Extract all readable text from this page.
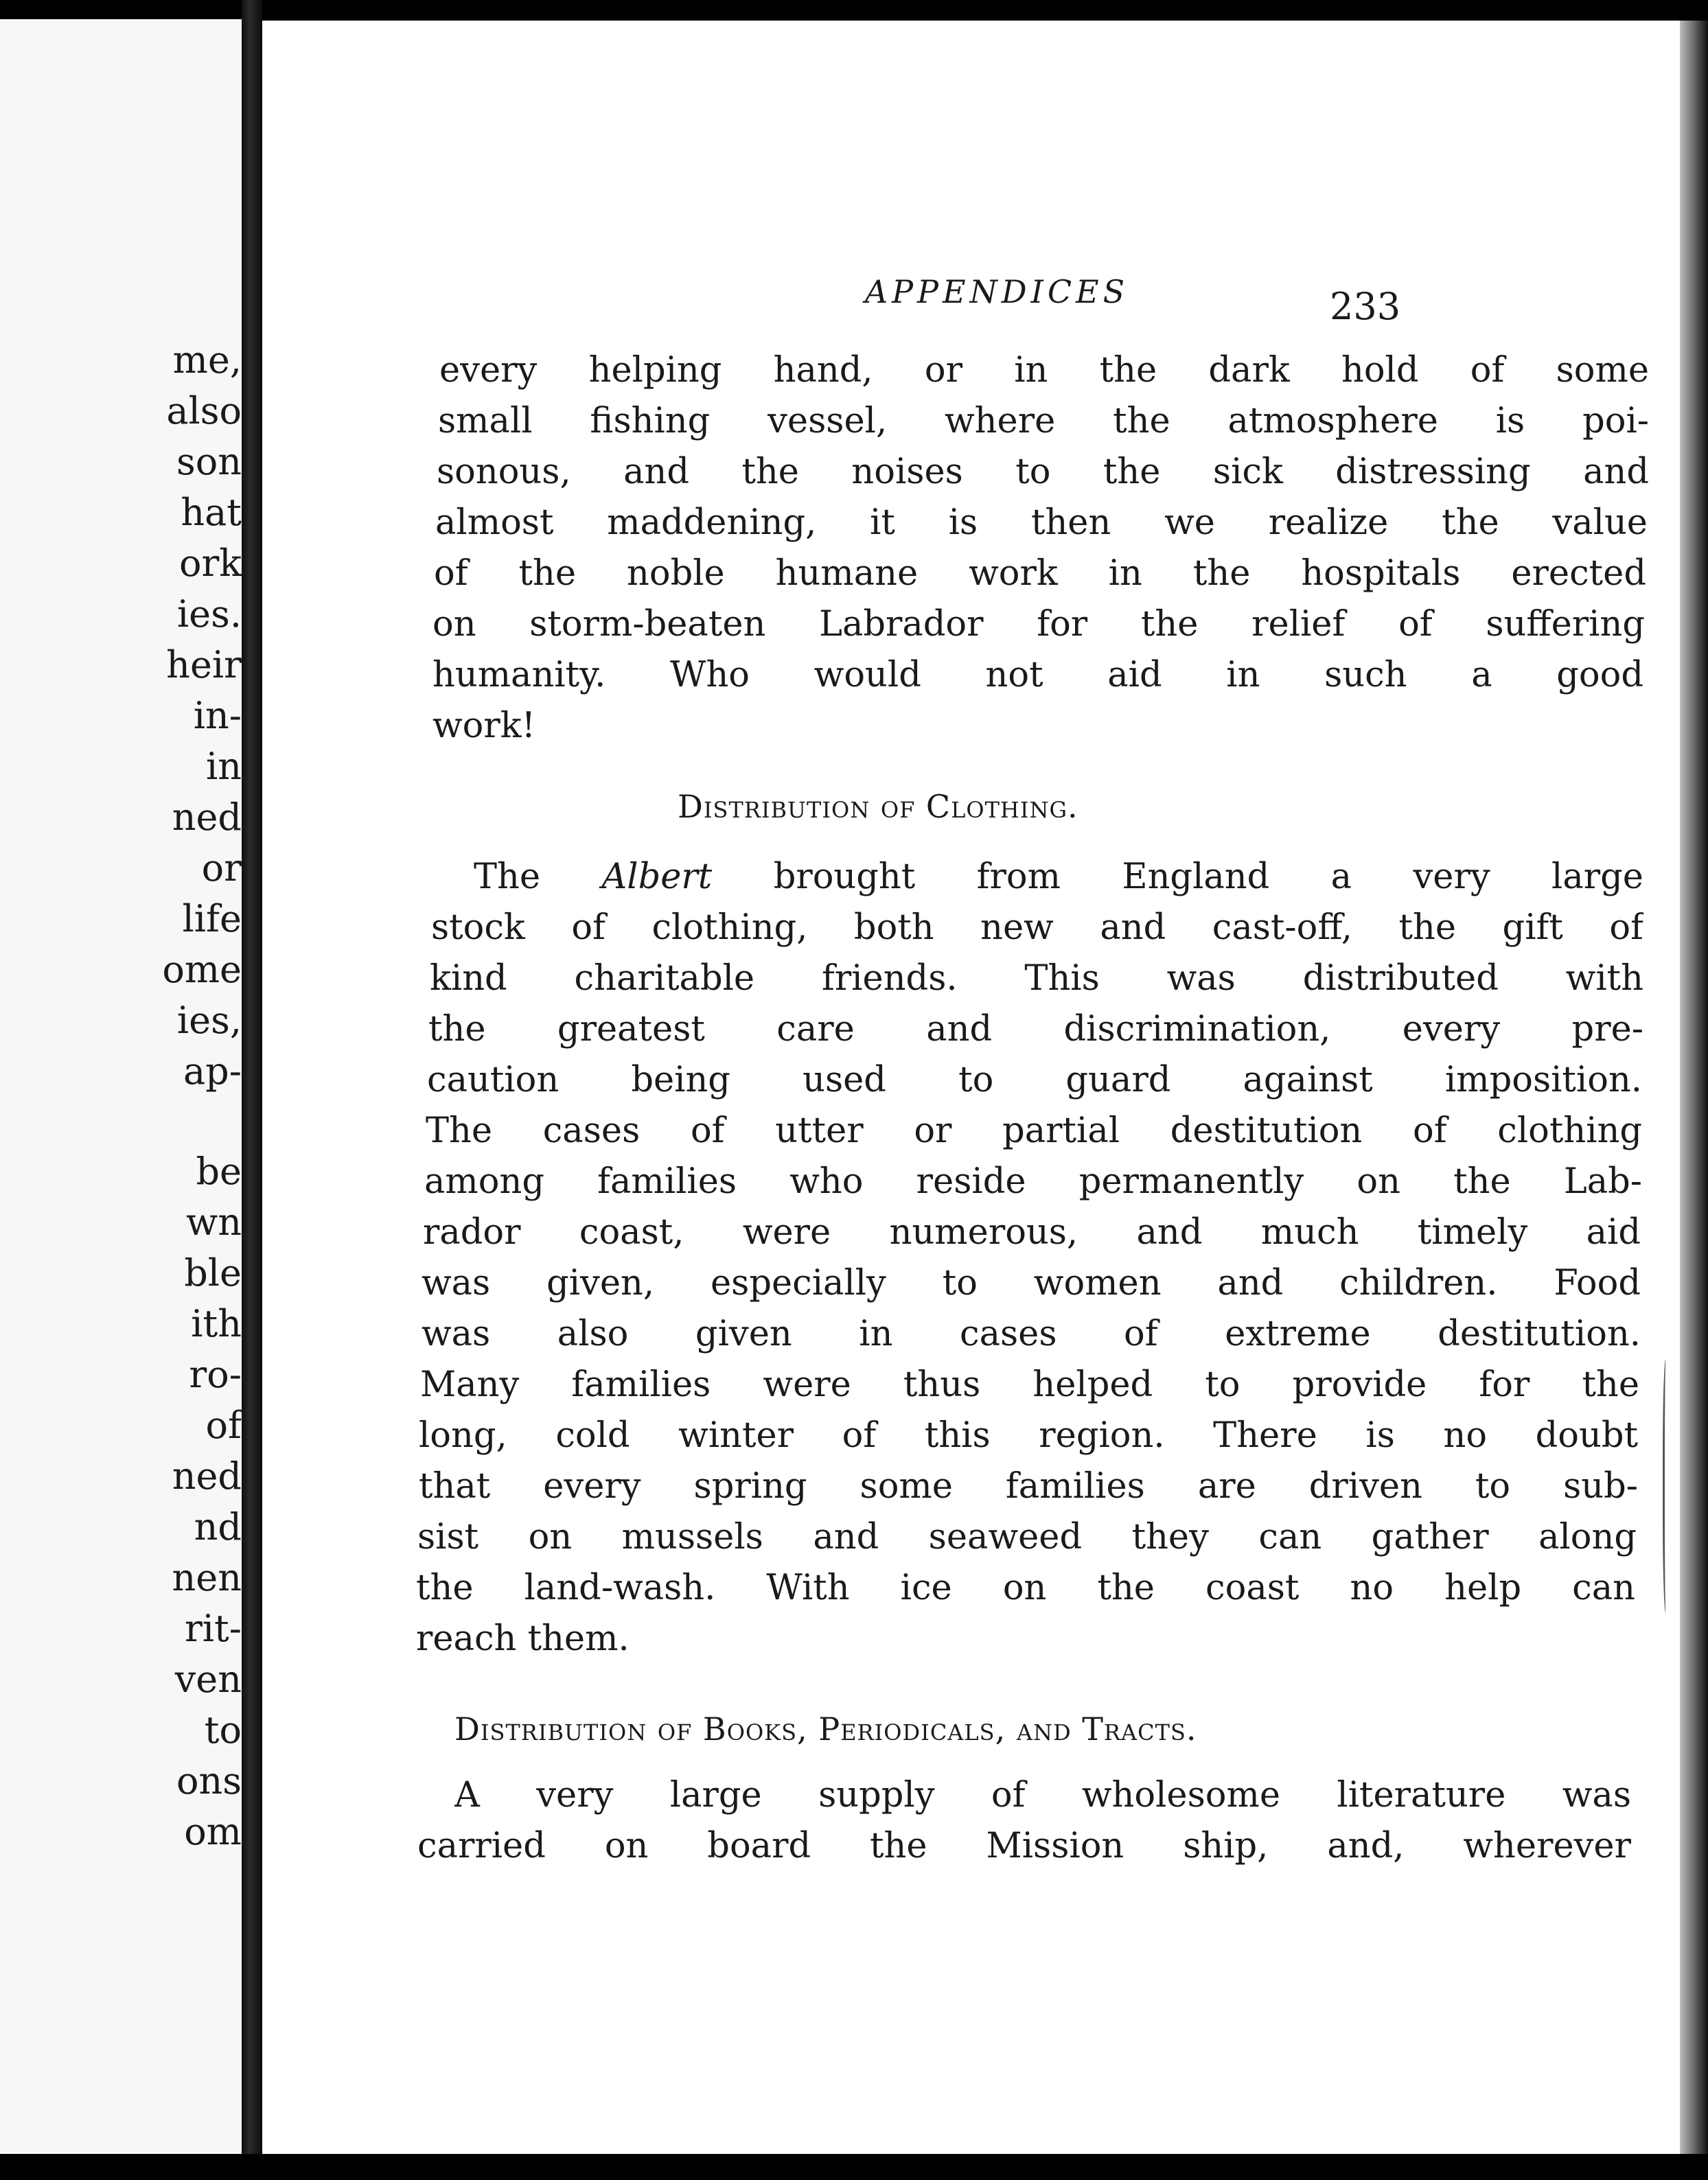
me,
also
son
hat
ork
ies.
heir
in-
in
ned
or
life
ome
ies,
ap-
be
wn
ble
ith
ro-
of
ned
nd
nen
rit-
ven
to
ons
om
APPENDICES	233
every helping hand, or in the dark hold of some
small fishing vessel, where the atmosphere is poi-
sonous, and the noises to the sick distressing and
almost maddening, it is then we realize the value
of the noble humane work in the hospitals erected
on storm-beaten Labrador for the relief of suffering
humanity. Who would not aid in such a good
work!
Distribution of Clothing.
The Albert brought from England a very large
stock of clothing, both new and cast-off, the gift of
kind charitable friends. This was distributed with
the greatest care and discrimination, every pre-
caution being used to guard against imposition.
The cases of utter or partial destitution of clothing
among families who reside permanently on the Lab-
rador coast, were numerous, and much timely aid
was given, especially to women and children. Food
was also given in cases of extreme destitution.
Many families were thus helped to provide for the
long, cold winter of this region. There is no doubt
that every spring some families are driven to sub-
sist on mussels and seaweed they can gather along
the land-wash. With ice on the coast no help can
reach them.
Distribution of Books, Periodicals, and Tracts.
A very large supply of wholesome literature was
carried on board the Mission ship, and, wherever
